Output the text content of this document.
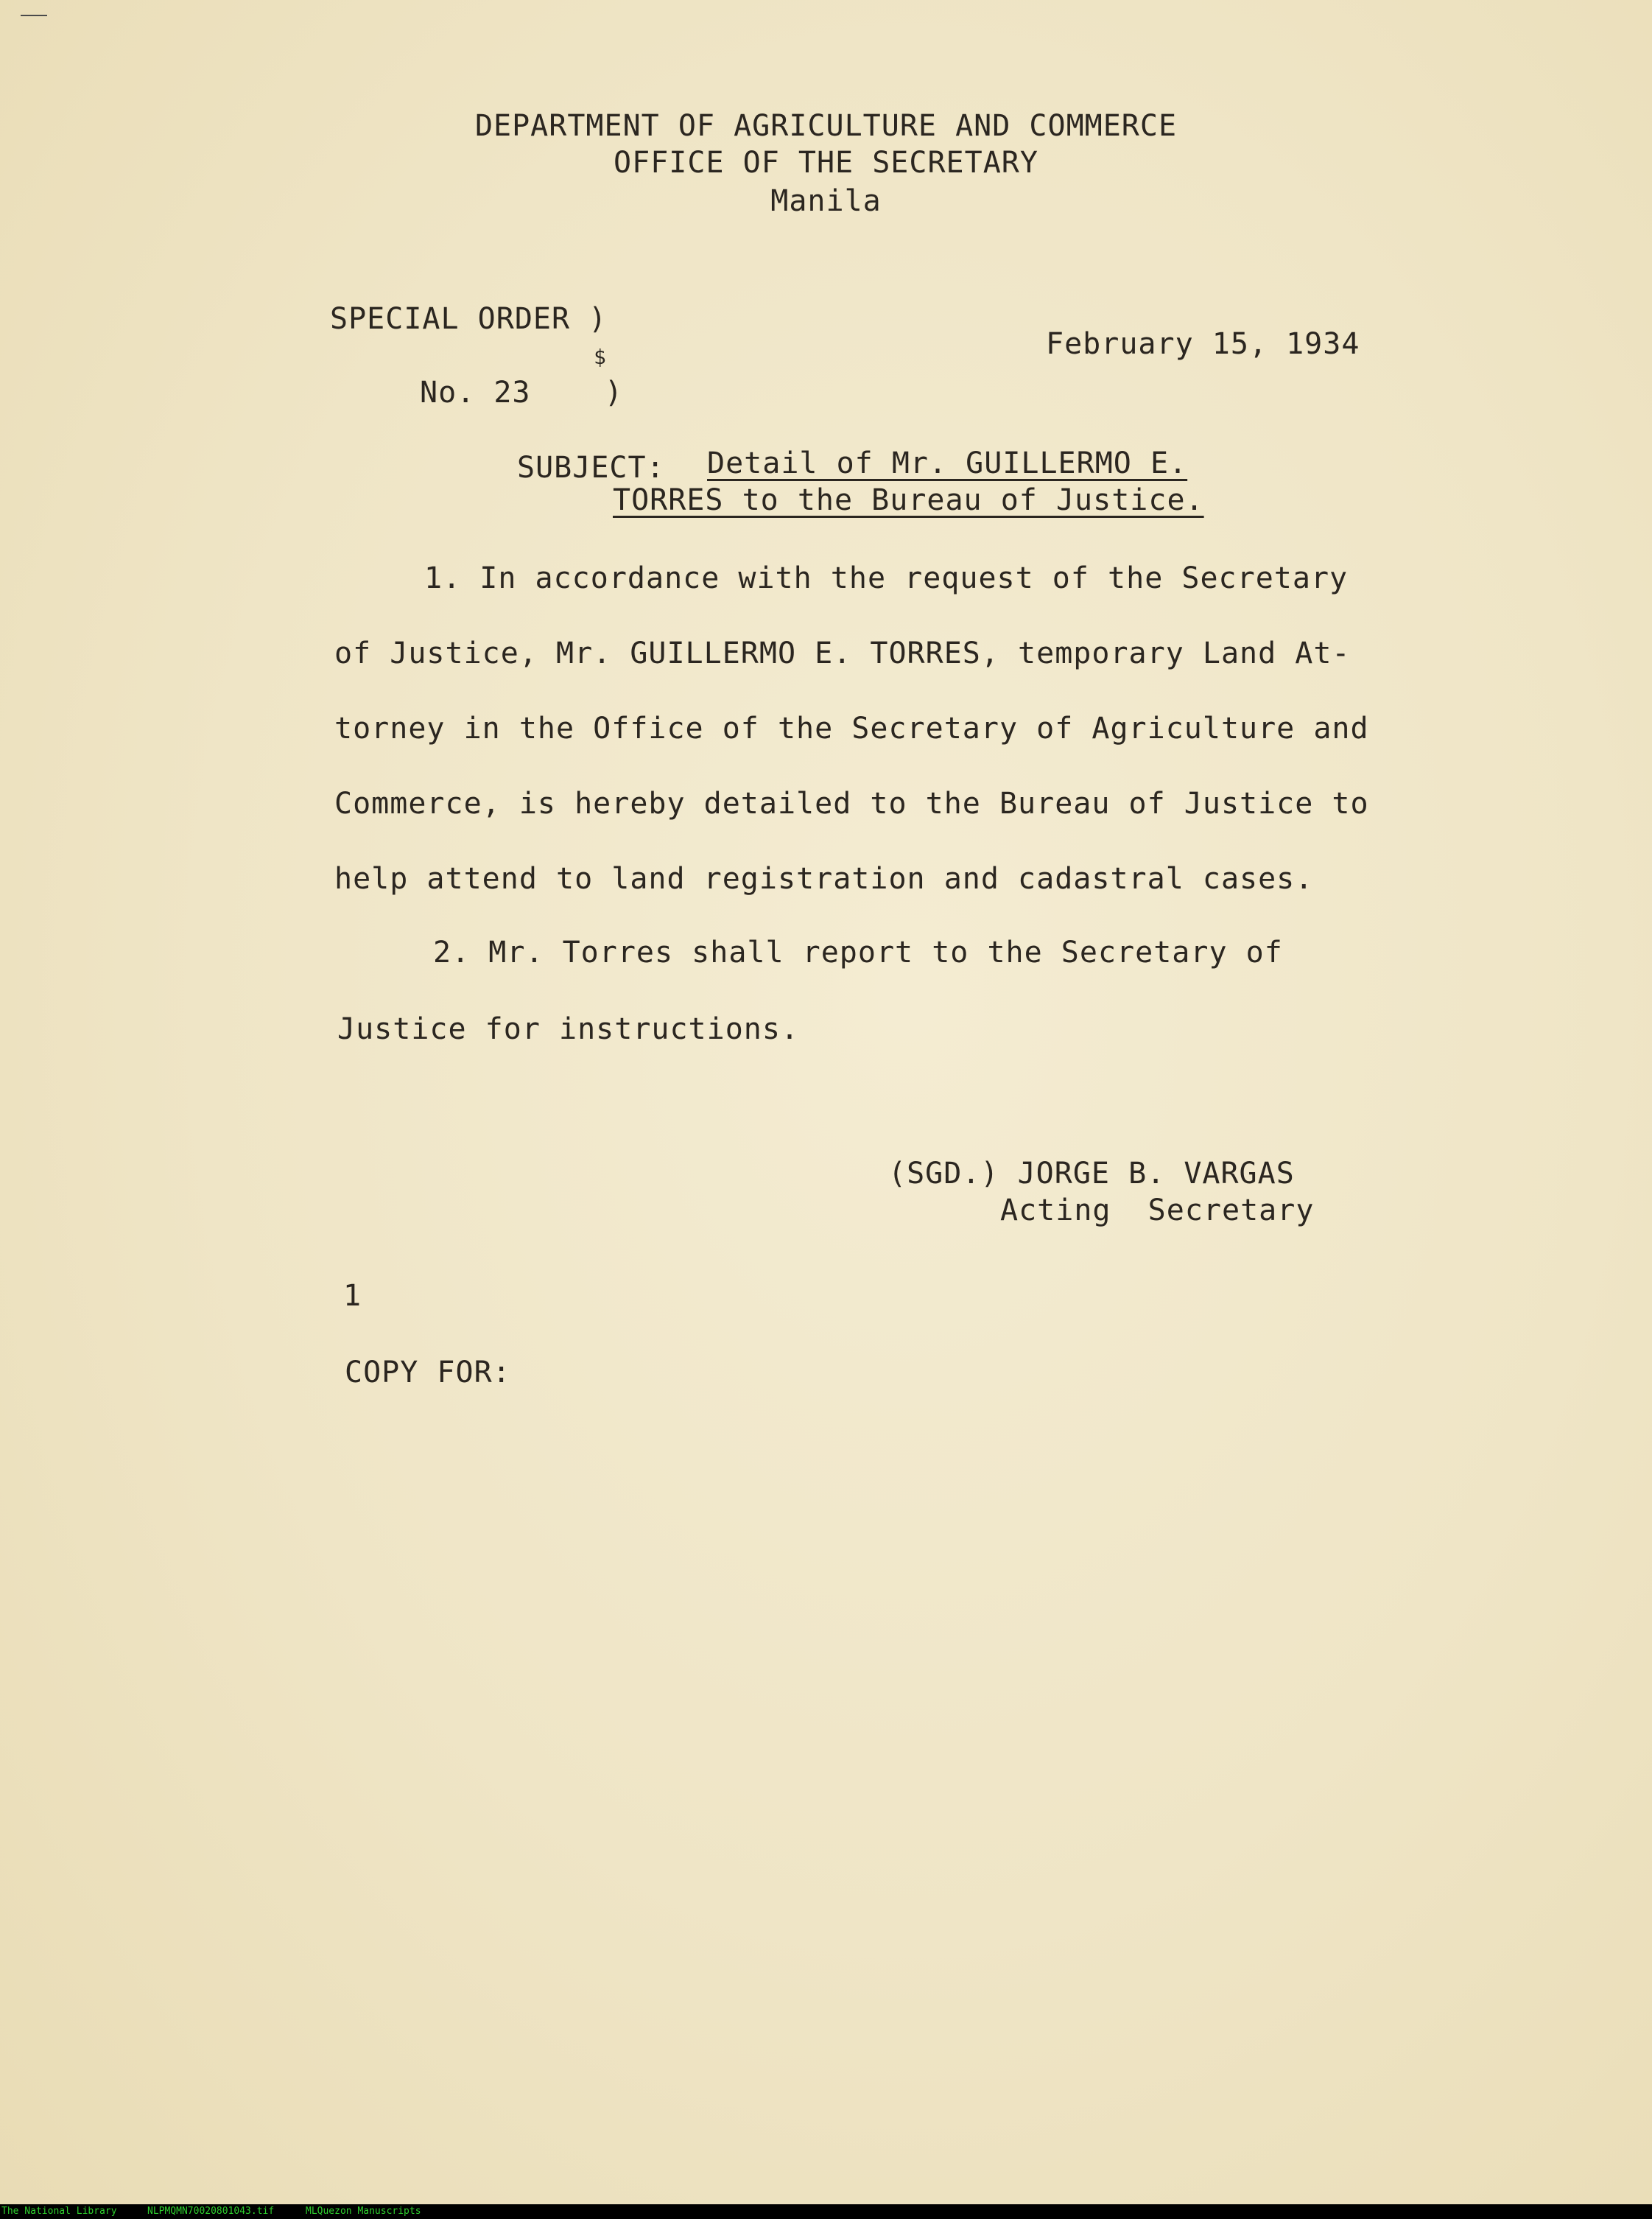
DEPARTMENT OF AGRICULTURE AND COMMERCE
OFFICE OF THE SECRETARY
Manila
SPECIAL ORDER )
$
No. 23    )
February 15, 1934
SUBJECT: Detail of Mr. GUILLERMO E.
TORRES to the Bureau of Justice.
1. In accordance with the request of the Secretary
of Justice, Mr. GUILLERMO E. TORRES, temporary Land At-
torney in the Office of the Secretary of Agriculture and
Commerce, is hereby detailed to the Bureau of Justice to
help attend to land registration and cadastral cases.
2. Mr. Torres shall report to the Secretary of
Justice for instructions.
(SGD.) JORGE B. VARGAS
Acting  Secretary
1
COPY FOR:
The National Library	NLPMQMN70020801043.tif	MLQuezon Manuscripts
